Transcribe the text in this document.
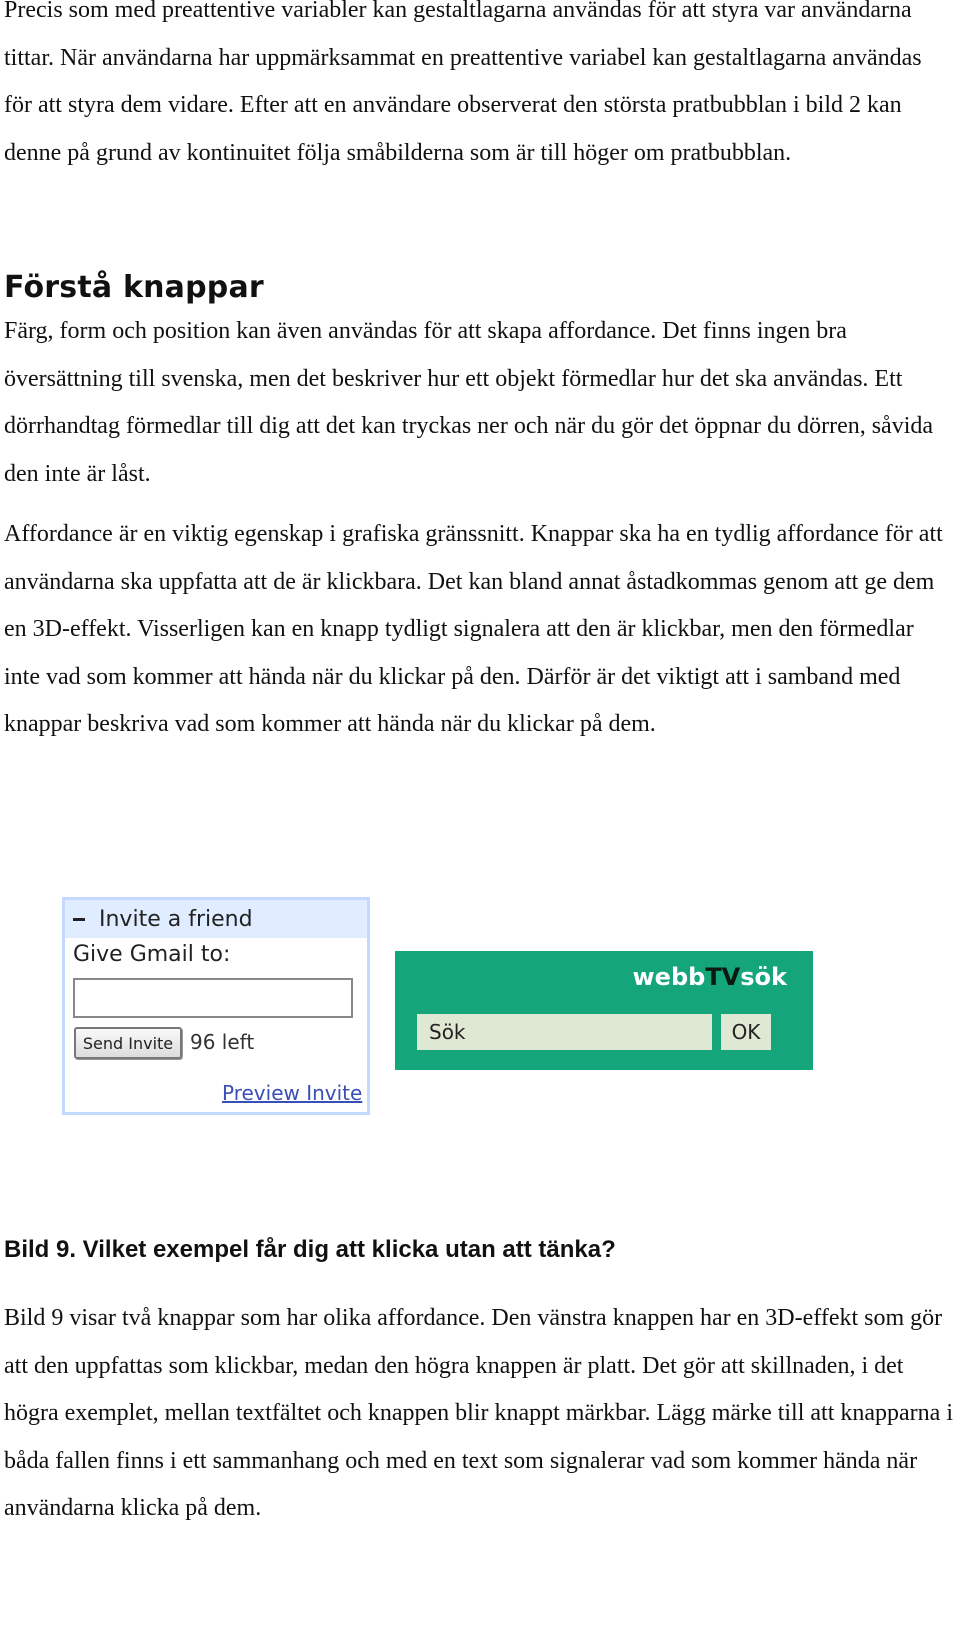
Precis som med preattentive variabler kan gestaltlagarna användas för att styra var användarna tittar. När användarna har uppmärksammat en preattentive variabel kan gestaltlagarna användas för att styra dem vidare. Efter att en användare observerat den största pratbubblan i bild 2 kan denne på grund av kontinuitet följa småbilderna som är till höger om pratbubblan.

Förstå knappar

Färg, form och position kan även användas för att skapa affordance. Det finns ingen bra översättning till svenska, men det beskriver hur ett objekt förmedlar hur det ska användas. Ett dörrhandtag förmedlar till dig att det kan tryckas ner och när du gör det öppnar du dörren, såvida den inte är låst.

Affordance är en viktig egenskap i grafiska gränssnitt. Knappar ska ha en tydlig affordance för att användarna ska uppfatta att de är klickbara. Det kan bland annat åstadkommas genom att ge dem en 3D-effekt. Visserligen kan en knapp tydligt signalera att den är klickbar, men den förmedlar inte vad som kommer att hända när du klickar på den. Därför är det viktigt att i samband med knappar beskriva vad som kommer att hända när du klickar på dem.

Bild 9. Vilket exempel får dig att klicka utan att tänka?

Bild 9 visar två knappar som har olika affordance. Den vänstra knappen har en 3D-effekt som gör att den uppfattas som klickbar, medan den högra knappen är platt. Det gör att skillnaden, i det högra exemplet, mellan textfältet och knappen blir knappt märkbar. Lägg märke till att knapparna i båda fallen finns i ett sammanhang och med en text som signalerar vad som kommer hända när användarna klicka på dem.

Invite a friend
Give Gmail to:
Send Invite 96 left
Preview Invite
webbTVsök
Sök
OK
